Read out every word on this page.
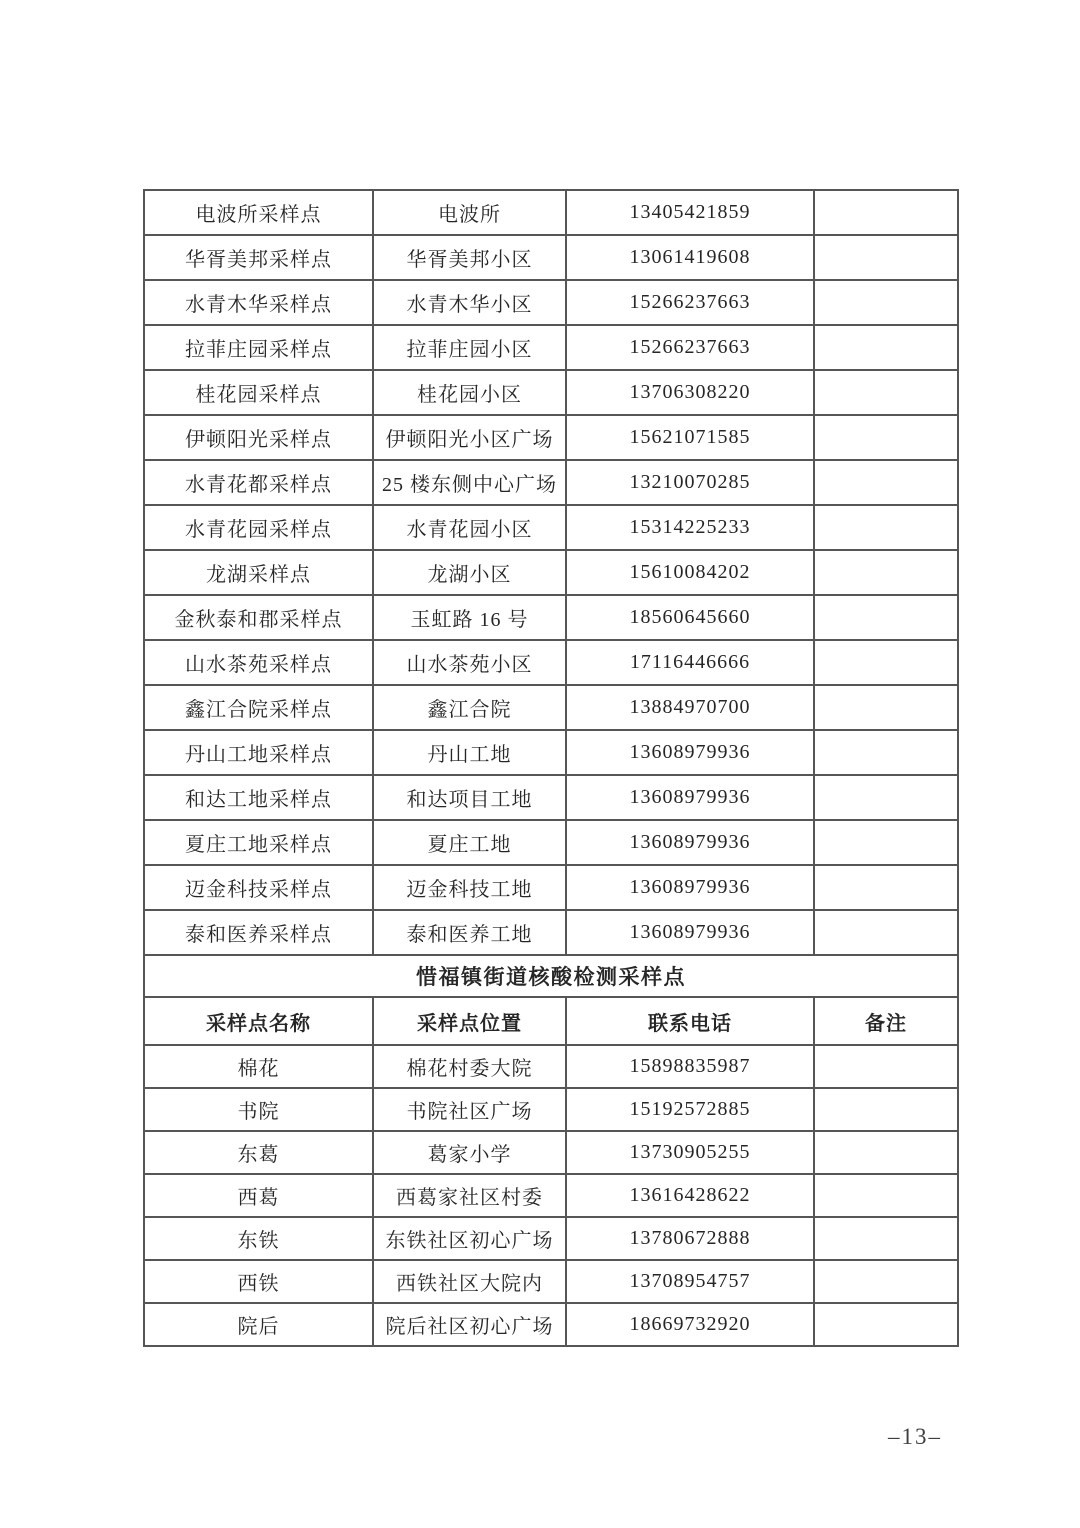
电波所采样点	电波所	13405421859	
华胥美邦采样点	华胥美邦小区	13061419608	
水青木华采样点	水青木华小区	15266237663	
拉菲庄园采样点	拉菲庄园小区	15266237663	
桂花园采样点	桂花园小区	13706308220	
伊顿阳光采样点	伊顿阳光小区广场	15621071585	
水青花都采样点	25 楼东侧中心广场	13210070285	
水青花园采样点	水青花园小区	15314225233	
龙湖采样点	龙湖小区	15610084202	
金秋泰和郡采样点	玉虹路 16 号	18560645660	
山水茶苑采样点	山水茶苑小区	17116446666	
鑫江合院采样点	鑫江合院	13884970700	
丹山工地采样点	丹山工地	13608979936	
和达工地采样点	和达项目工地	13608979936	
夏庄工地采样点	夏庄工地	13608979936	
迈金科技采样点	迈金科技工地	13608979936	
泰和医养采样点	泰和医养工地	13608979936	
惜福镇街道核酸检测采样点			
采样点名称	采样点位置	联系电话	备注
棉花	棉花村委大院	15898835987	
书院	书院社区广场	15192572885	
东葛	葛家小学	13730905255	
西葛	西葛家社区村委	13616428622	
东铁	东铁社区初心广场	13780672888	
西铁	西铁社区大院内	13708954757	
院后	院后社区初心广场	18669732920	
–13–
